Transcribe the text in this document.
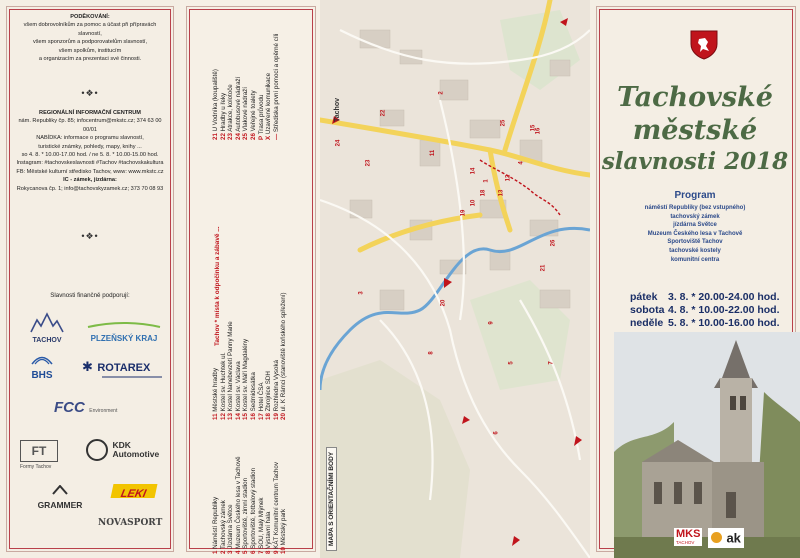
PODĚKOVÁNÍ:
všem dobrovolníkům za pomoc a účast při přípravách slavností,
všem sponzorům a podporovatelům slavností,
všem spolkům, institucím
a organizacím za prezentaci své činnosti.
•❖•
REGIONÁLNÍ INFORMAČNÍ CENTRUM
nám. Republiky čp. 85; infocentrum@mkstc.cz; 374 63 00 00/01
NABÍDKA: informace o programu slavností,
turistické známky, pohledy, mapy, knihy ...
so 4. 8. * 10.00-17.00 hod. / ne 5. 8. * 10.00-15.00 hod.
Instagram: #tachovskeslavnosti #Tachov #tachovskakultura
FB: Městské kulturní středisko Tachov, www: www.mkstc.cz
IC - zámek, jízdárna:
Rokycanova čp. 1; info@tachovskyzamek.cz; 373 70 08 93
•❖•
Slavnosti finančně podporují:
TACHOV	PLZEŇSKÝ KRAJ
BHS
✱ ROTAREX
FCC Environment
FT
Formy Tachov
KDK
Automotive
GRAMMER
LEKI
NOVASPORT
Tachov * místa k odpočinku a zábavě ...
11 Městské hradby
12 Kostel sv. Huchtek ul.
13 Kostel Nanebevzetí Panny Marie
14 Kostel sv. Václava
15 Kostel sv. Máří Magdalény
16 Sedmidesátka
17 Hotel ČSA
18 Zbrojnice SDH
19 Rozhledna Vysoká
20 ul. K Rámci (stanoviště koňského spřežení)
1 Náměstí Republiky
2 Tachovský zámek
3 Jízdárna Světce
4 Muzeum Českého lesa v Tachově
5 Sportoviště, zimní stadion
6 Sportoviště, fotbalový stadion
7 SOU, Malý Mlýnek
8 Výstavní hala
9 KÁT Komunitní centrum Tachov
10 Městský park
21 U Vodníka (koupaliště)
22 Hradby u řeky
23 Atrakce, kolotoče
24 Autobusové nádraží
25 Vlakové nádraží
26 Veřejné toalety
P Trasa průvodu
X Uzavřené komunikace
— Střediska první pomoci a opěrné cíli
1
2
3
4
5
6
7
8
9
10
11
12
13
14
15 16
18
19
20
21
22
23
24
25
26
Tachov
MAPA S ORIENTAČNÍMI BODY
Tachovské
městské
slavnosti 2018
Program
náměstí Republiky (bez vstupného)
tachovský zámek
jízdárna Světce
Muzeum Českého lesa v Tachově
Sportoviště Tachov
tachovské kostely
komunitní centra
pátek 3. 8. * 20.00-24.00 hod.
sobota 4. 8. * 10.00-22.00 hod.
neděle 5. 8. * 10.00-16.00 hod.
MKS
TACHOV	ak
